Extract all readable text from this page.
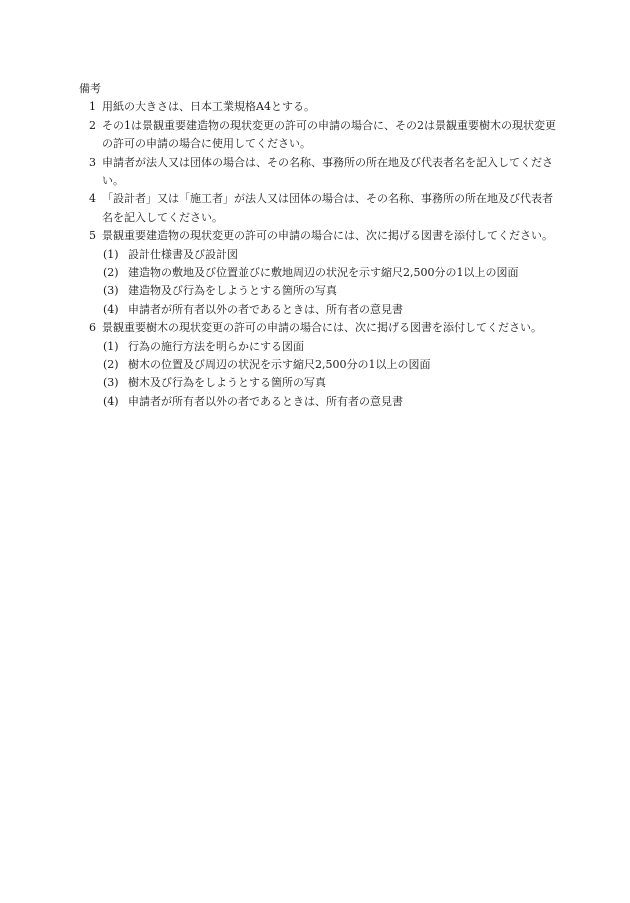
備考
1 用紙の大きさは、日本工業規格A4とする。
2 その1は景観重要建造物の現状変更の許可の申請の場合に、その2は景観重要樹木の現状変更の許可の申請の場合に使用してください。
3 申請者が法人又は団体の場合は、その名称、事務所の所在地及び代表者名を記入してください。
4 「設計者」又は「施工者」が法人又は団体の場合は、その名称、事務所の所在地及び代表者名を記入してください。
5 景観重要建造物の現状変更の許可の申請の場合には、次に掲げる図書を添付してください。
(1) 設計仕様書及び設計図
(2) 建造物の敷地及び位置並びに敷地周辺の状況を示す縮尺2,500分の1以上の図面
(3) 建造物及び行為をしようとする箇所の写真
(4) 申請者が所有者以外の者であるときは、所有者の意見書
6 景観重要樹木の現状変更の許可の申請の場合には、次に掲げる図書を添付してください。
(1) 行為の施行方法を明らかにする図面
(2) 樹木の位置及び周辺の状況を示す縮尺2,500分の1以上の図面
(3) 樹木及び行為をしようとする箇所の写真
(4) 申請者が所有者以外の者であるときは、所有者の意見書
